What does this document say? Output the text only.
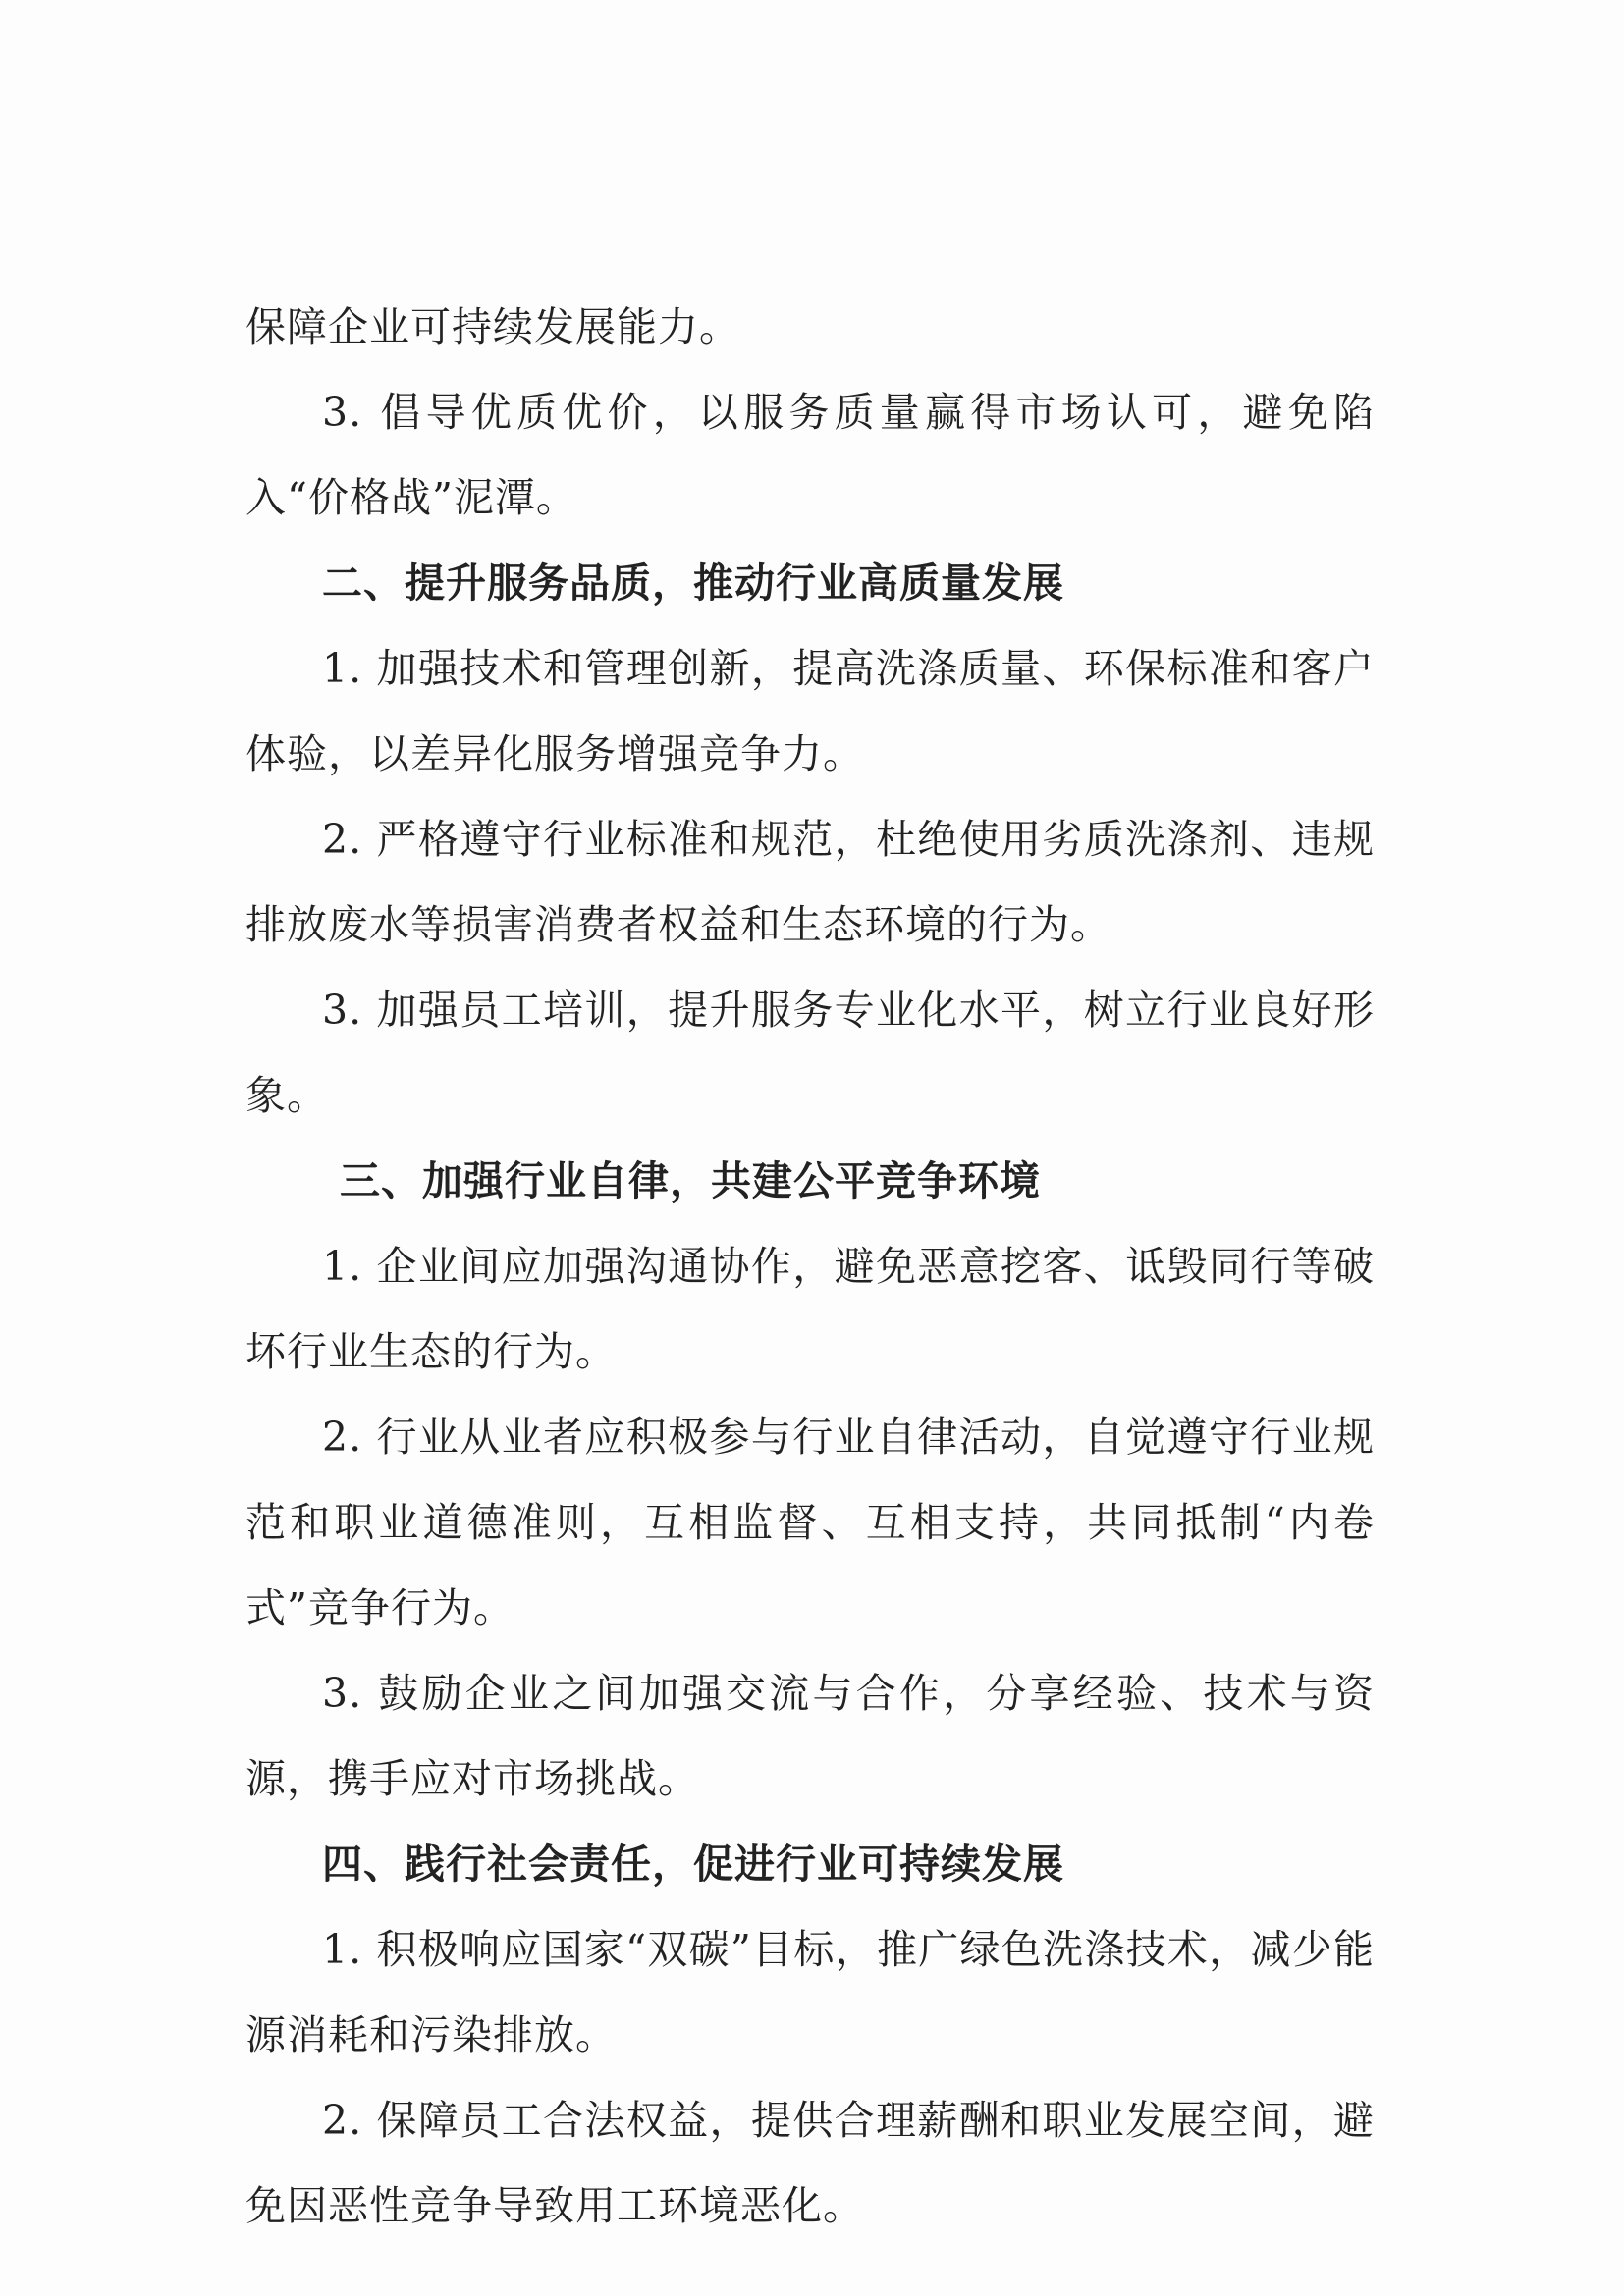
保障企业可持续发展能力。

3. 倡导优质优价，以服务质量赢得市场认可，避免陷入“价格战”泥潭。

二、提升服务品质，推动行业高质量发展

1. 加强技术和管理创新，提高洗涤质量、环保标准和客户体验，以差异化服务增强竞争力。

2. 严格遵守行业标准和规范，杜绝使用劣质洗涤剂、违规排放废水等损害消费者权益和生态环境的行为。

3. 加强员工培训，提升服务专业化水平，树立行业良好形象。

三、加强行业自律，共建公平竞争环境

1. 企业间应加强沟通协作，避免恶意挖客、诋毁同行等破坏行业生态的行为。

2. 行业从业者应积极参与行业自律活动，自觉遵守行业规范和职业道德准则，互相监督、互相支持，共同抵制“内卷式”竞争行为。

3. 鼓励企业之间加强交流与合作，分享经验、技术与资源，携手应对市场挑战。

四、践行社会责任，促进行业可持续发展

1. 积极响应国家“双碳”目标，推广绿色洗涤技术，减少能源消耗和污染排放。

2. 保障员工合法权益，提供合理薪酬和职业发展空间，避免因恶性竞争导致用工环境恶化。
